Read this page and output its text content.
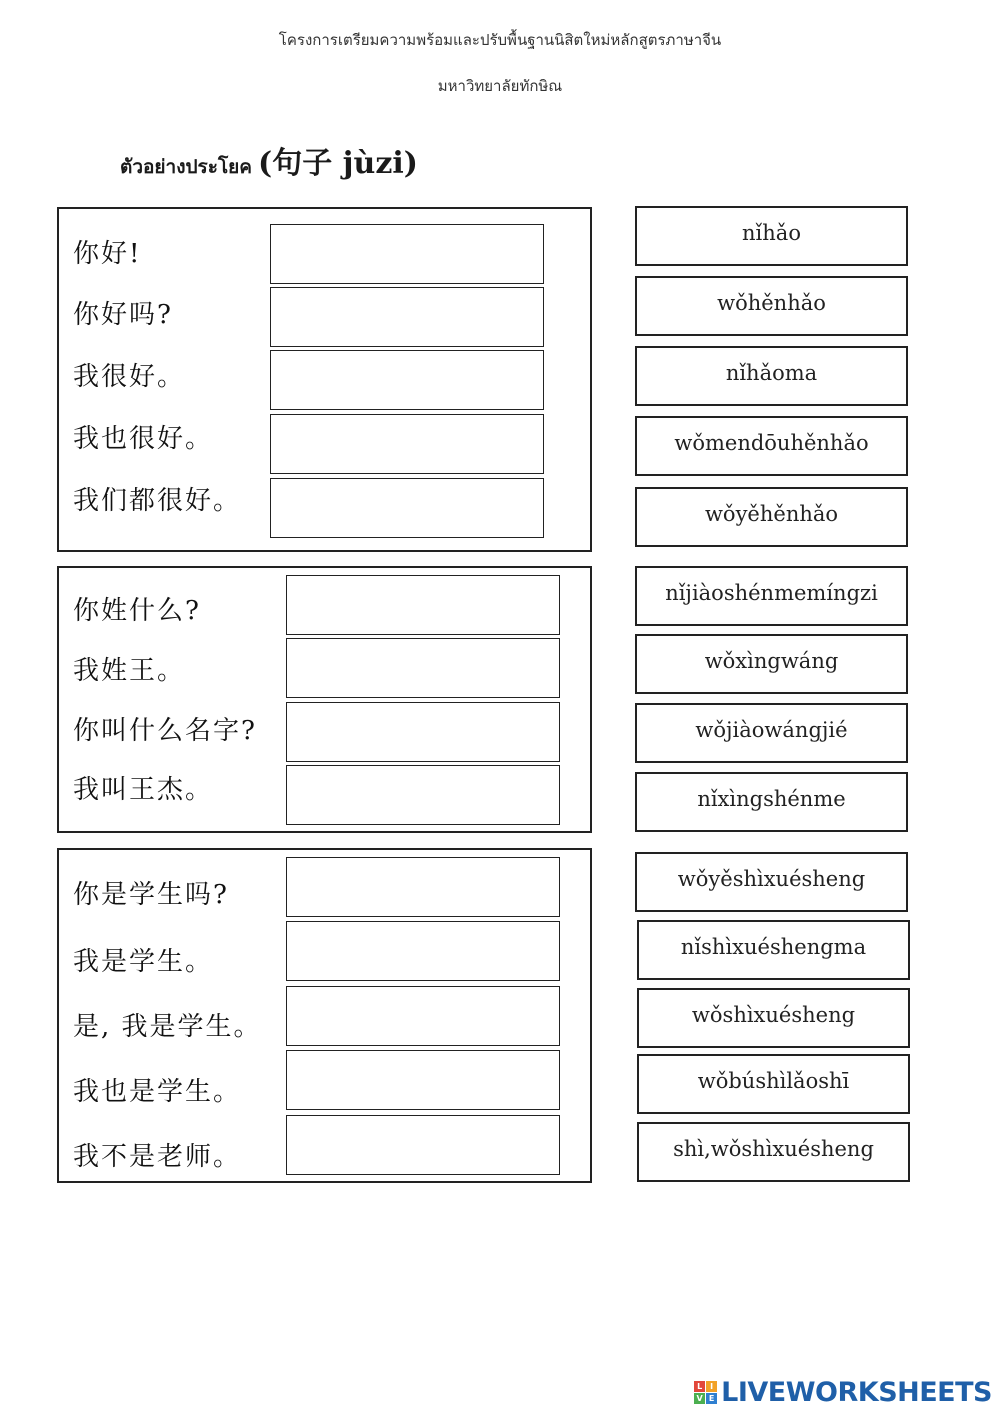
โครงการเตรียมความพร้อมและปรับพื้นฐานนิสิตใหม่หลักสูตรภาษาจีน
มหาวิทยาลัยทักษิณ
ตัวอย่างประโยค (句子 jùzi)
你好!
你好吗?
我很好。
我也很好。
我们都很好。
你姓什么?
我姓王。
你叫什么名字?
我叫王杰。
你是学生吗?
我是学生。
是, 我是学生。
我也是学生。
我不是老师。
nǐhǎo
wǒhěnhǎo
nǐhǎoma
wǒmendōuhěnhǎo
wǒyěhěnhǎo
nǐjiàoshénmemíngzi
wǒxìngwáng
wǒjiàowángjié
nǐxìngshénme
wǒyěshìxuésheng
nǐshìxuéshengma
wǒshìxuésheng
wǒbúshìlǎoshī
shì,wǒshìxuésheng
L I
V E LIVEWORKSHEETS
